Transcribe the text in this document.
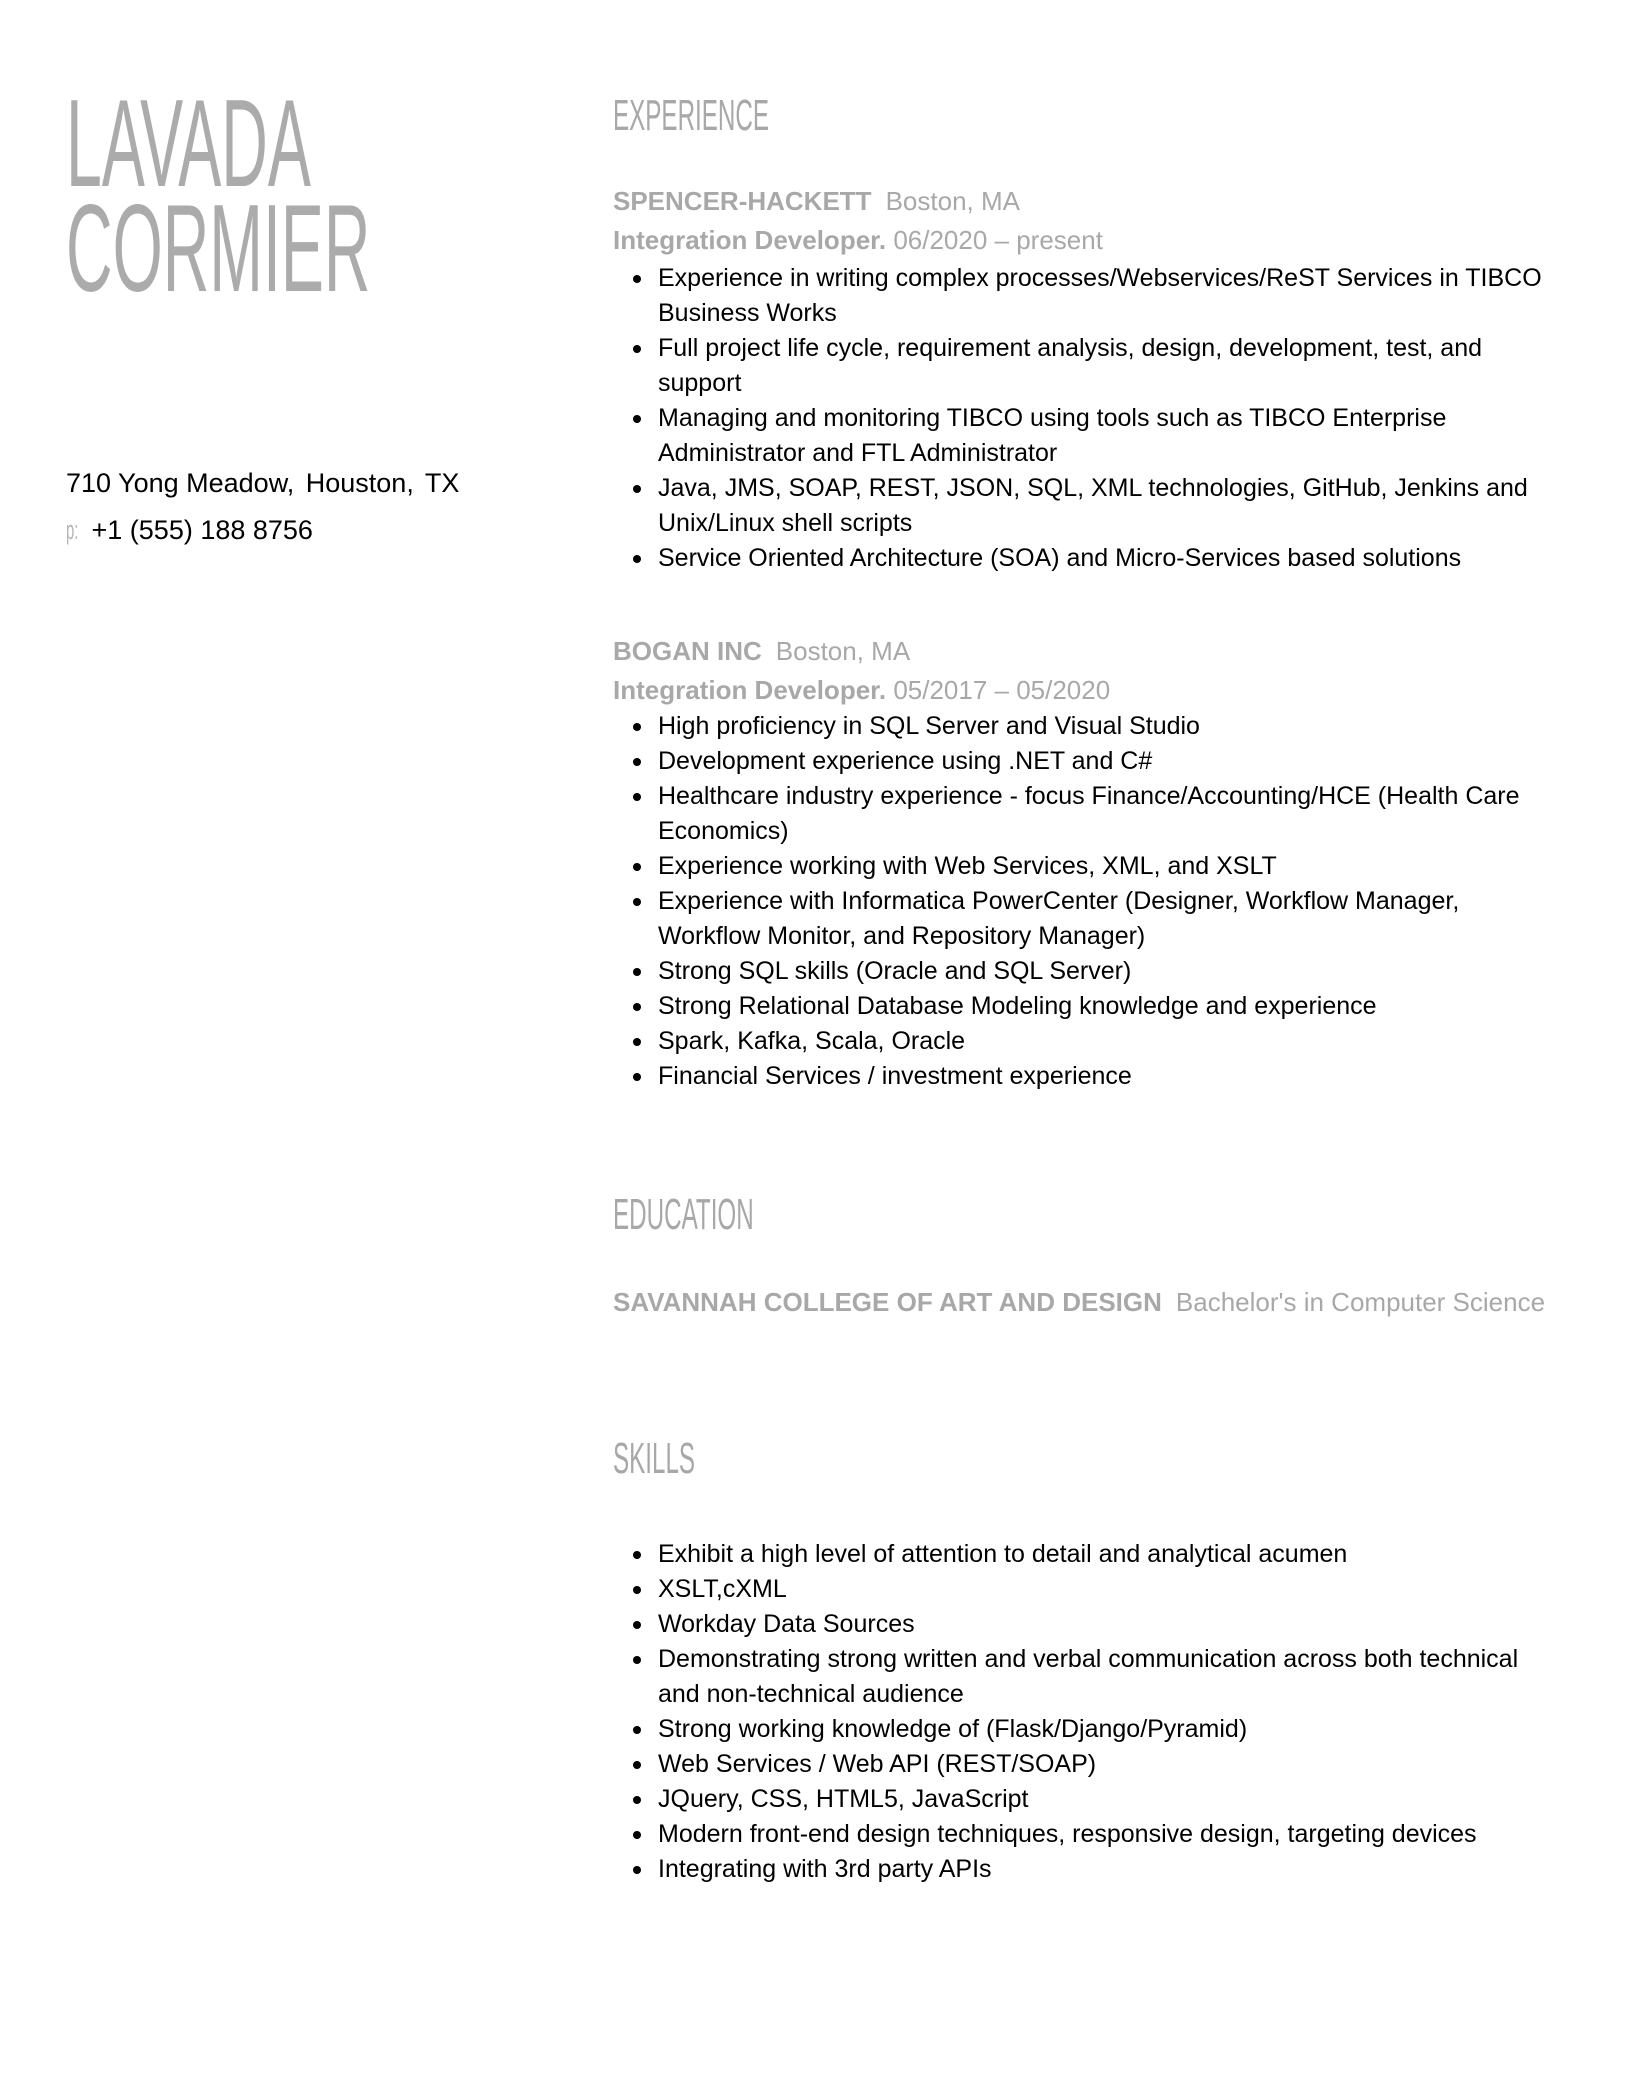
LAVADA
CORMIER
710 Yong Meadow, Houston, TX
p: +1 (555) 188 8756
EXPERIENCE
SPENCER-HACKETT Boston, MA
Integration Developer. 06/2020 – present
Experience in writing complex processes/Webservices/ReST Services in TIBCO Business Works
Full project life cycle, requirement analysis, design, development, test, and support
Managing and monitoring TIBCO using tools such as TIBCO Enterprise Administrator and FTL Administrator
Java, JMS, SOAP, REST, JSON, SQL, XML technologies, GitHub, Jenkins and Unix/Linux shell scripts
Service Oriented Architecture (SOA) and Micro-Services based solutions
BOGAN INC Boston, MA
Integration Developer. 05/2017 – 05/2020
High proficiency in SQL Server and Visual Studio
Development experience using .NET and C#
Healthcare industry experience - focus Finance/Accounting/HCE (Health Care Economics)
Experience working with Web Services, XML, and XSLT
Experience with Informatica PowerCenter (Designer, Workflow Manager, Workflow Monitor, and Repository Manager)
Strong SQL skills (Oracle and SQL Server)
Strong Relational Database Modeling knowledge and experience
Spark, Kafka, Scala, Oracle
Financial Services / investment experience
EDUCATION
SAVANNAH COLLEGE OF ART AND DESIGN Bachelor's in Computer Science
SKILLS
Exhibit a high level of attention to detail and analytical acumen
XSLT,cXML
Workday Data Sources
Demonstrating strong written and verbal communication across both technical and non-technical audience
Strong working knowledge of (Flask/Django/Pyramid)
Web Services / Web API (REST/SOAP)
JQuery, CSS, HTML5, JavaScript
Modern front-end design techniques, responsive design, targeting devices
Integrating with 3rd party APIs
